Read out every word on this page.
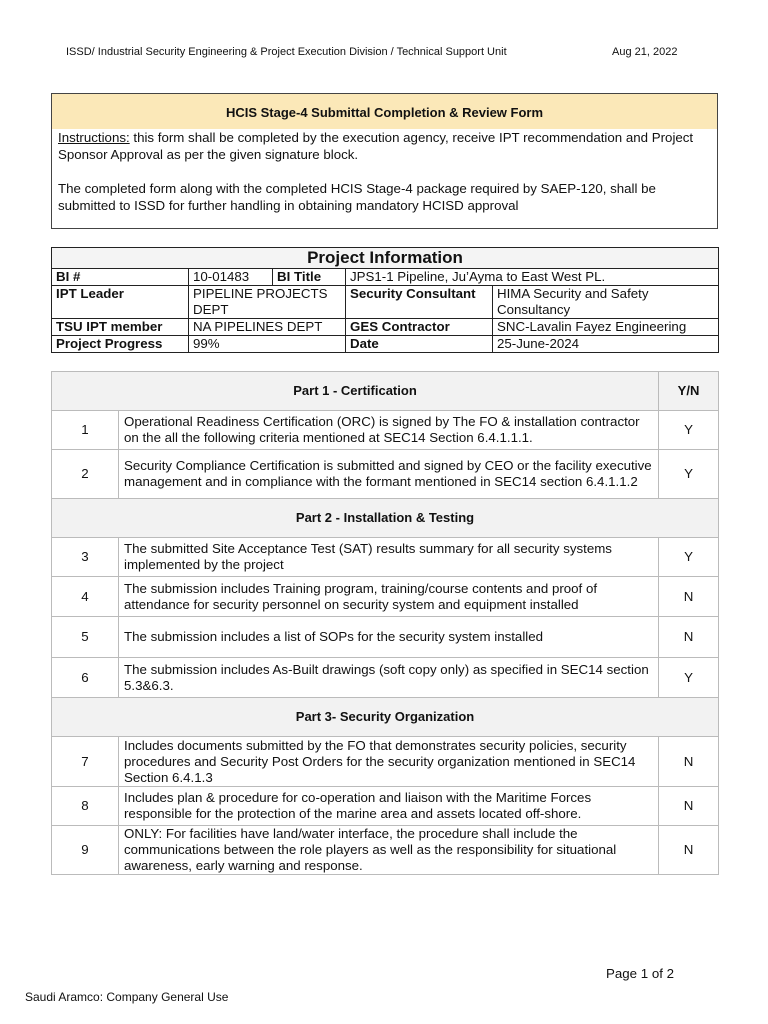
ISSD/ Industrial Security Engineering & Project Execution Division / Technical Support Unit	Aug 21, 2022
HCIS Stage-4 Submittal Completion & Review Form

Instructions: this form shall be completed by the execution agency, receive IPT recommendation and Project Sponsor Approval as per the given signature block.

The completed form along with the completed HCIS Stage-4 package required by SAEP-120, shall be submitted to ISSD for further handling in obtaining mandatory HCISD approval

Project Information				
BI #	10-01483	BI Title	JPS1-1 Pipeline, Ju’Ayma to East West PL.	
IPT Leader	PIPELINE PROJECTS DEPT		Security Consultant	HIMA Security and Safety Consultancy
TSU IPT member	NA PIPELINES DEPT		GES Contractor	SNC-Lavalin Fayez Engineering
Project Progress	99%		Date	25-June-2024
Part 1 - Certification		Y/N
1	Operational Readiness Certification (ORC) is signed by The FO & installation contractor on the all the following criteria mentioned at SEC14 Section 6.4.1.1.1.	Y
2	Security Compliance Certification is submitted and signed by CEO or the facility executive management and in compliance with the formant mentioned in SEC14 section 6.4.1.1.2	Y
Part 2 - Installation & Testing		
3	The submitted Site Acceptance Test (SAT) results summary for all security systems implemented by the project	Y
4	The submission includes Training program, training/course contents and proof of attendance for security personnel on security system and equipment installed	N
5	The submission includes a list of SOPs for the security system installed	N
6	The submission includes As-Built drawings (soft copy only) as specified in SEC14 section 5.3&6.3.	Y
Part 3- Security Organization		
7	Includes documents submitted by the FO that demonstrates security policies, security procedures and Security Post Orders for the security organization mentioned in SEC14 Section 6.4.1.3	N
8	Includes plan & procedure for co-operation and liaison with the Maritime Forces responsible for the protection of the marine area and assets located off-shore.	N
9	ONLY: For facilities have land/water interface, the procedure shall include the communications between the role players as well as the responsibility for situational awareness, early warning and response.	N
Page 1 of 2
Saudi Aramco: Company General Use
